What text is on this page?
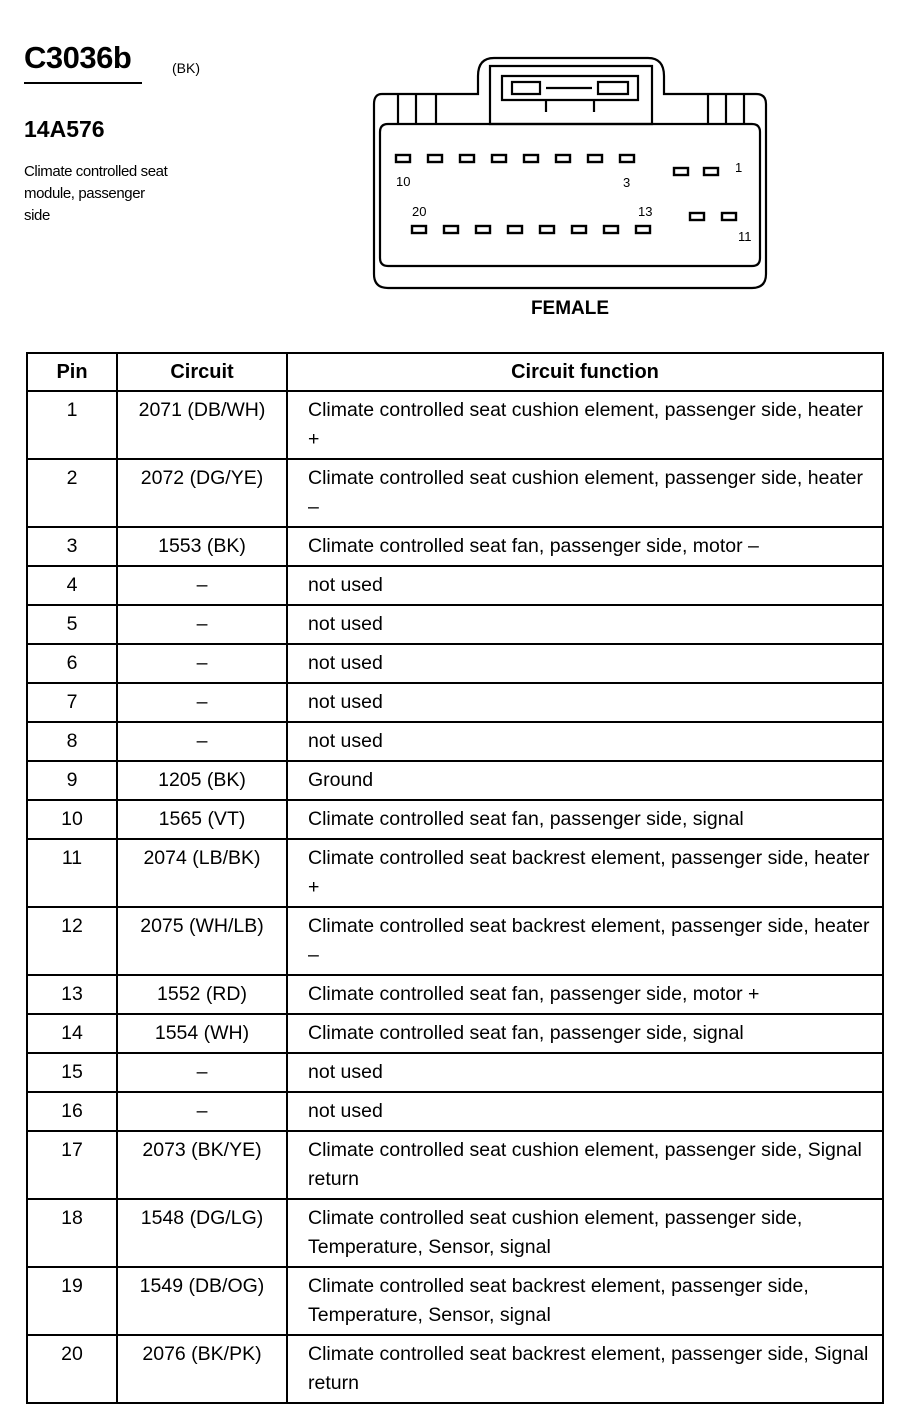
C3036b	(BK)
14A576
Climate controlled seat module, passenger side
10	3
1
20	13
11
FEMALE
Pin	Circuit	Circuit function
1	2071 (DB/WH)	Climate controlled seat cushion element, passenger side, heater +
2	2072 (DG/YE)	Climate controlled seat cushion element, passenger side, heater –
3	1553 (BK)	Climate controlled seat fan, passenger side, motor –
4	–	not used
5	–	not used
6	–	not used
7	–	not used
8	–	not used
9	1205 (BK)	Ground
10	1565 (VT)	Climate controlled seat fan, passenger side, signal
11	2074 (LB/BK)	Climate controlled seat backrest element, passenger side, heater +
12	2075 (WH/LB)	Climate controlled seat backrest element, passenger side, heater –
13	1552 (RD)	Climate controlled seat fan, passenger side, motor +
14	1554 (WH)	Climate controlled seat fan, passenger side, signal
15	–	not used
16	–	not used
17	2073 (BK/YE)	Climate controlled seat cushion element, passenger side, Signal return
18	1548 (DG/LG)	Climate controlled seat cushion element, passenger side, Temperature, Sensor, signal
19	1549 (DB/OG)	Climate controlled seat backrest element, passenger side, Temperature, Sensor, signal
20	2076 (BK/PK)	Climate controlled seat backrest element, passenger side, Signal return
